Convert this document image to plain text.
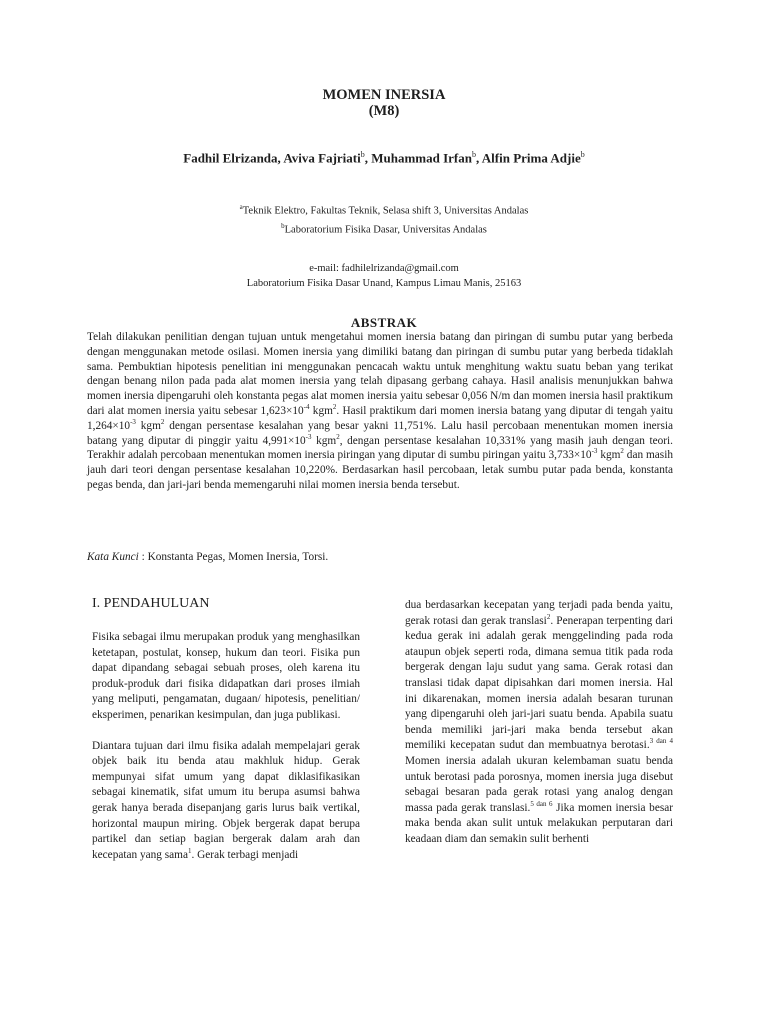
MOMEN INERSIA
(M8)
Fadhil Elrizanda, Aviva Fajriati$^b$, Muhammad Irfan$^b$, Alfin Prima Adjie$^b$
$^a$Teknik Elektro, Fakultas Teknik, Selasa shift 3, Universitas Andalas
$^b$Laboratorium Fisika Dasar, Universitas Andalas
e-mail: fadhilelrizanda@gmail.com
Laboratorium Fisika Dasar Unand, Kampus Limau Manis, 25163
ABSTRAK

Telah dilakukan penilitian dengan tujuan untuk mengetahui momen inersia batang dan piringan di sumbu putar yang berbeda dengan menggunakan metode osilasi. Momen inersia yang dimiliki batang dan piringan di sumbu putar yang berbeda tidaklah sama. Pembuktian hipotesis penelitian ini menggunakan pencacah waktu untuk menghitung waktu suatu beban yang terikat dengan benang nilon pada pada alat momen inersia yang telah dipasang gerbang cahaya. Hasil analisis menunjukkan bahwa momen inersia dipengaruhi oleh konstanta pegas alat momen inersia yaitu sebesar 0,056 N/m dan momen inersia hasil praktikum dari alat momen inersia yaitu sebesar $1,623\times 10^{-4}$ kgm$^2$. Hasil praktikum dari momen inersia batang yang diputar di tengah yaitu $1,264\times 10^{-3}$ kgm$^2$ dengan persentase kesalahan yang besar yakni 11,751%. Lalu hasil percobaan menentukan momen inersia batang yang diputar di pinggir yaitu $4,991\times 10^{-3}$ kgm$^2$, dengan persentase kesalahan 10,331% yang masih jauh dengan teori. Terakhir adalah percobaan menentukan momen inersia piringan yang diputar di sumbu piringan yaitu $3,733\times 10^{-3}$ kgm$^2$ dan masih jauh dari teori dengan persentase kesalahan 10,220%. Berdasarkan hasil percobaan, letak sumbu putar pada benda, konstanta pegas benda, dan jari-jari benda memengaruhi nilai momen inersia benda tersebut.

Kata Kunci : Konstanta Pegas, Momen Inersia, Torsi.

I. PENDAHULUAN

Fisika sebagai ilmu merupakan produk yang menghasilkan ketetapan, postulat, konsep, hukum dan teori. Fisika pun dapat dipandang sebagai sebuah proses, oleh karena itu produk-produk dari fisika didapatkan dari proses ilmiah yang meliputi, pengamatan, dugaan/ hipotesis, penelitian/ eksperimen, penarikan kesimpulan, dan juga publikasi.

Diantara tujuan dari ilmu fisika adalah mempelajari gerak objek baik itu benda atau makhluk hidup. Gerak mempunyai sifat umum yang dapat diklasifikasikan sebagai kinematik, sifat umum itu berupa asumsi bahwa gerak hanya berada disepanjang garis lurus baik vertikal, horizontal maupun miring. Objek bergerak dapat berupa partikel dan setiap bagian bergerak dalam arah dan kecepatan yang sama$^1$. Gerak terbagi menjadi

dua berdasarkan kecepatan yang terjadi pada benda yaitu, gerak rotasi dan gerak translasi$^2$. Penerapan terpenting dari kedua gerak ini adalah gerak menggelinding pada roda ataupun objek seperti roda, dimana semua titik pada roda bergerak dengan laju sudut yang sama. Gerak rotasi dan translasi tidak dapat dipisahkan dari momen inersia. Hal ini dikarenakan, momen inersia adalah besaran turunan yang dipengaruhi oleh jari-jari suatu benda. Apabila suatu benda memiliki jari-jari maka benda tersebut akan memiliki kecepatan sudut dan membuatnya berotasi.$^{3 dan 4}$ Momen inersia adalah ukuran kelembaman suatu benda untuk berotasi pada porosnya, momen inersia juga disebut sebagai besaran pada gerak rotasi yang analog dengan massa pada gerak translasi.$^{5 dan 6}$ Jika momen inersia besar maka benda akan sulit untuk melakukan perputaran dari keadaan diam dan semakin sulit berhenti
